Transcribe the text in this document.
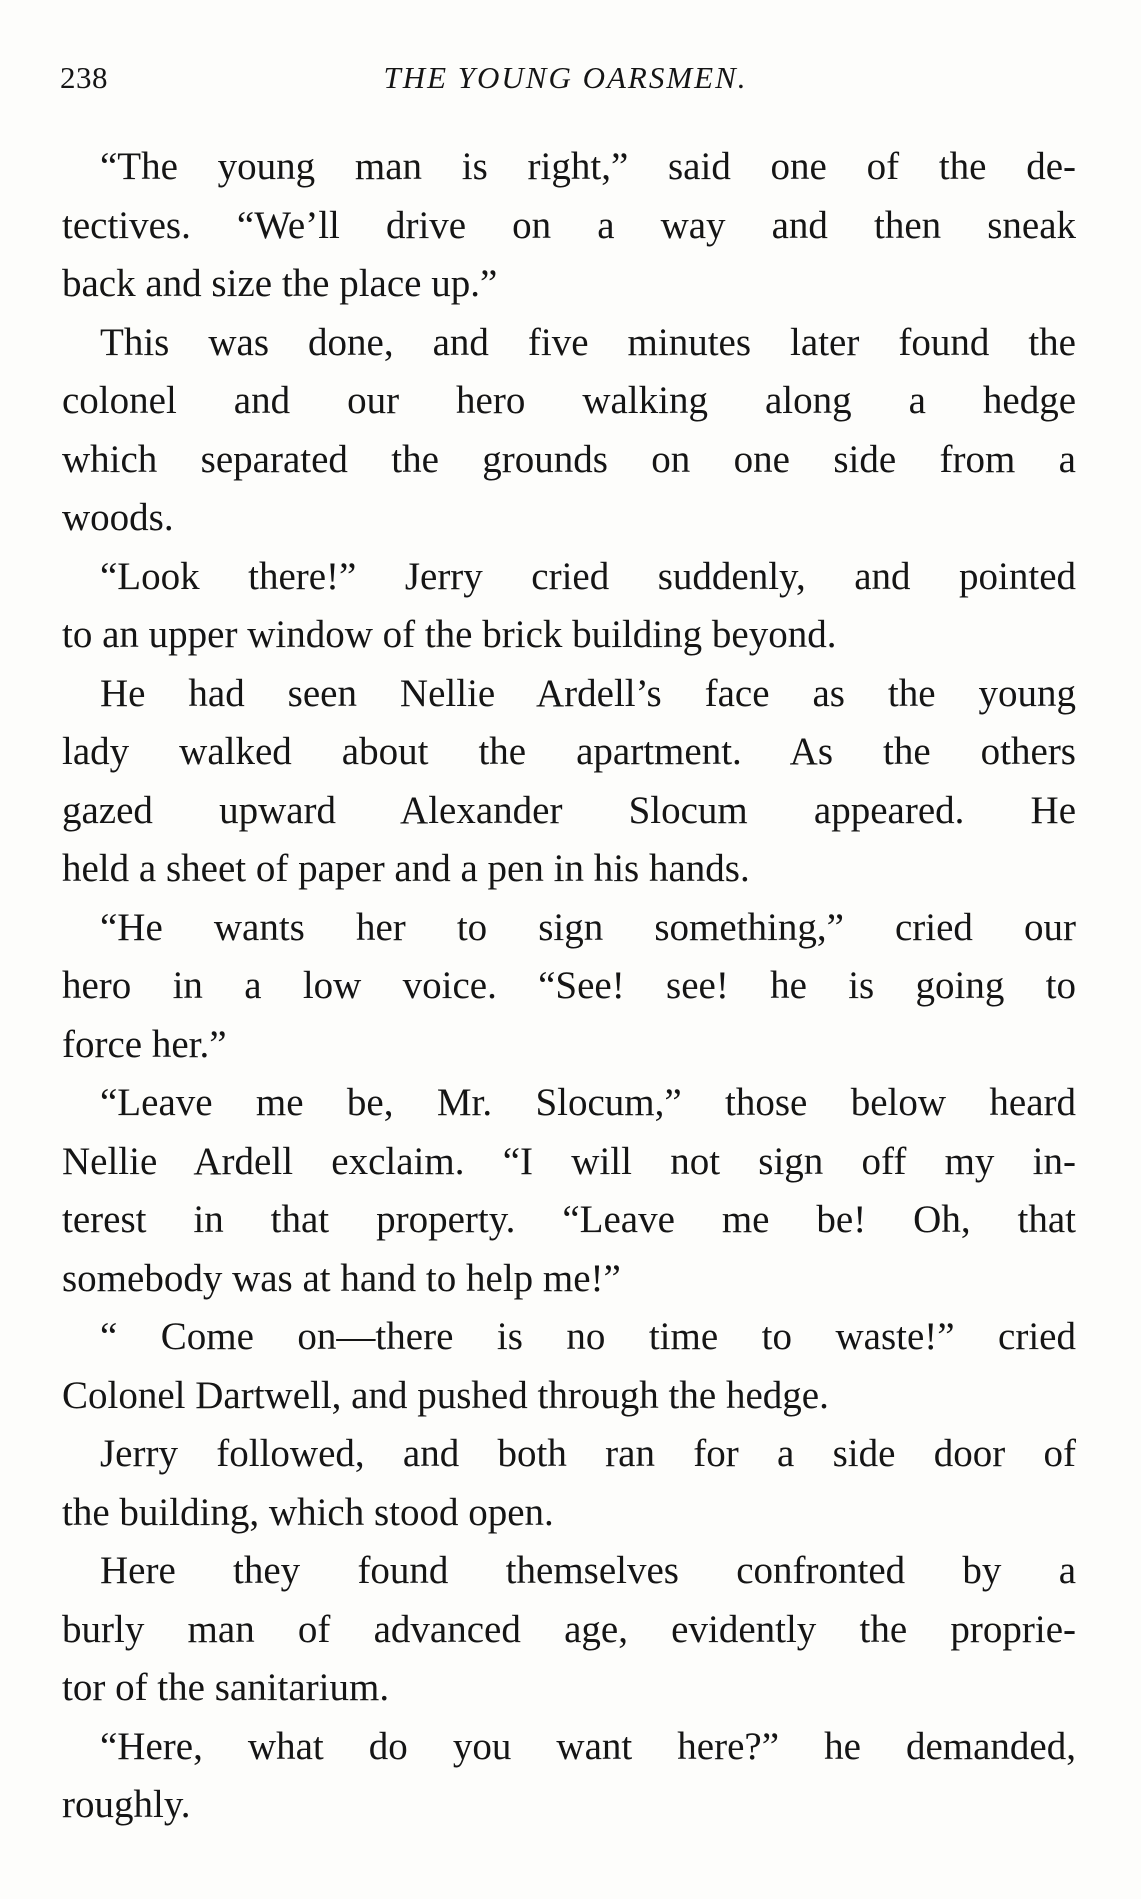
238	THE YOUNG OARSMEN.
“The young man is right,” said one of the de-
tectives. “We’ll drive on a way and then sneak
back and size the place up.”
This was done, and five minutes later found the
colonel and our hero walking along a hedge
which separated the grounds on one side from a
woods.
“Look there!” Jerry cried suddenly, and pointed
to an upper window of the brick building beyond.
He had seen Nellie Ardell’s face as the young
lady walked about the apartment. As the others
gazed upward Alexander Slocum appeared. He
held a sheet of paper and a pen in his hands.
“He wants her to sign something,” cried our
hero in a low voice. “See! see! he is going to
force her.”
“Leave me be, Mr. Slocum,” those below heard
Nellie Ardell exclaim. “I will not sign off my in-
terest in that property. “Leave me be! Oh, that
somebody was at hand to help me!”
“ Come on—there is no time to waste!” cried
Colonel Dartwell, and pushed through the hedge.
Jerry followed, and both ran for a side door of
the building, which stood open.
Here they found themselves confronted by a
burly man of advanced age, evidently the proprie-
tor of the sanitarium.
“Here, what do you want here?” he demanded,
roughly.
